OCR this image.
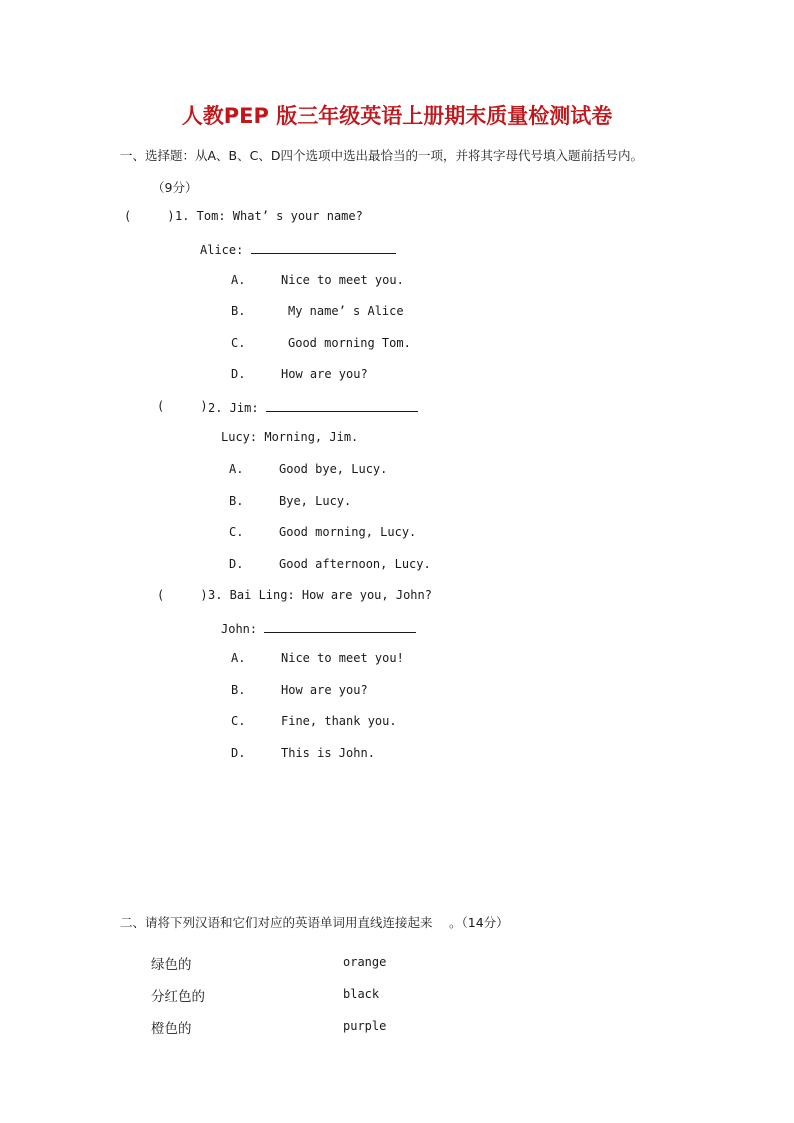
人教PEP 版三年级英语上册期末质量检测试卷
一、选择题：从A、B、C、D四个选项中选出最恰当的一项，并将其字母代号填入题前括号内。
（9分）
(     ) 1. Tom: What’ s your name?
Alice:
A.	Nice to meet you.
B.	My name’ s Alice
C.	Good morning Tom.
D.	How are you?
(     ) 2. Jim:
Lucy: Morning, Jim.
A.	Good bye, Lucy.
B.	Bye, Lucy.
C.	Good morning, Lucy.
D.	Good afternoon, Lucy.
(     ) 3. Bai Ling: How are you, John?
John:
A.	Nice to meet you!
B.	How are you?
C.	Fine, thank you.
D.	This is John.
二、请将下列汉语和它们对应的英语单词用直线连接起来 。（14分）
绿色的	orange
分红色的	black
橙色的	purple
